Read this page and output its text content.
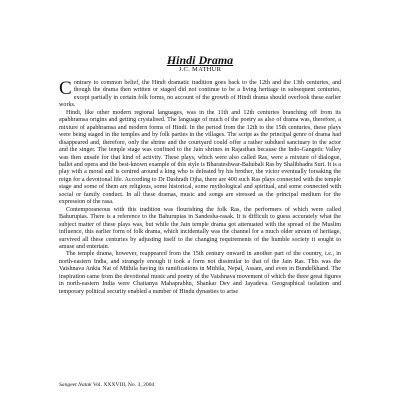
Hindi Drama
J.C. MATHUR

Contrary to common belief, the Hindi dramatic tradition goes back to the 12th and the 13th centuries, and though the drama then written or staged did not continue to be a living heritage in subsequent centuries, except partially in certain folk forms, no account of the growth of Hindi drama should overlook these earlier works.

Hindi, like other modern regional languages, was in the 11th and 12th centuries branching off from its apabhramsa origins and getting crystalised. The language of much of the poetry as also of drama was, therefore, a mixture of apabhramsa and modern forms of Hindi. In the period from the 12th to the 15th centuries, these plays were being staged in the temples and by folk parties in the villages. The script as the principal genre of drama had disappeared and, therefore, only the shrine and the courtyard could offer a rather subdued sanctuary to the actor and the singer. The temple stage was confined to the Jain shrines in Rajasthan because the Indo-Gangetic Valley was then unsafe for that kind of activity. These plays, which were also called Ras, were a mixture of dialogue, ballet and opera and the best-known example of this style is Bharateshwar-Bahubali Ras by Shalibhadra Suri. It is a play with a moral and is centred around a king who is defeated by his brother, the victor eventually forsaking the reign for a devotional life. According to Dr Dashrath Ojha, there are 400 such Ras plays connected with the temple stage and some of them are religious, some historical, some mythological and spiritual, and some connected with social or family conduct. In all these dramas, music and songs are stressed as the principal medium for the expression of the rasa.

Contemporaneous with this tradition was flourishing the folk Ras, the performers of which were called Bahurupias. There is a reference to the Bahurupias in Sandesha-rasak. It is difficult to guess accurately what the subject matter of these plays was, but while the Jain temple drama got attenuated with the spread of the Muslim influence, this earlier form of folk drama, which incidentally was the channel for a much older stream of heritage, survived all these centuries by adjusting itself to the changing requirements of the humble society it sought to amuse and entertain.

The temple drama, however, reappeared from the 15th century onward in another part of the country, i.e., in north-eastern India, and strangely enough it took a form not dissimilar to that of the Jain Ras. This was the Vaishnava Ankia Nat of Mithila having its ramifications in Mithila, Nepal, Assam, and even in Bundelkhand. The inspiration came from the devotional music and poetry of the Vaishnava movement of which the three great figures in north-eastern India were Chaitanya Mahaprabhu, Shankar Dev and Jayadeva. Geographical isolation and temporary political security enabled a number of Hindu dynasties to arise

Sangeet Natak Vol. XXXVIII, No. 3, 2004
